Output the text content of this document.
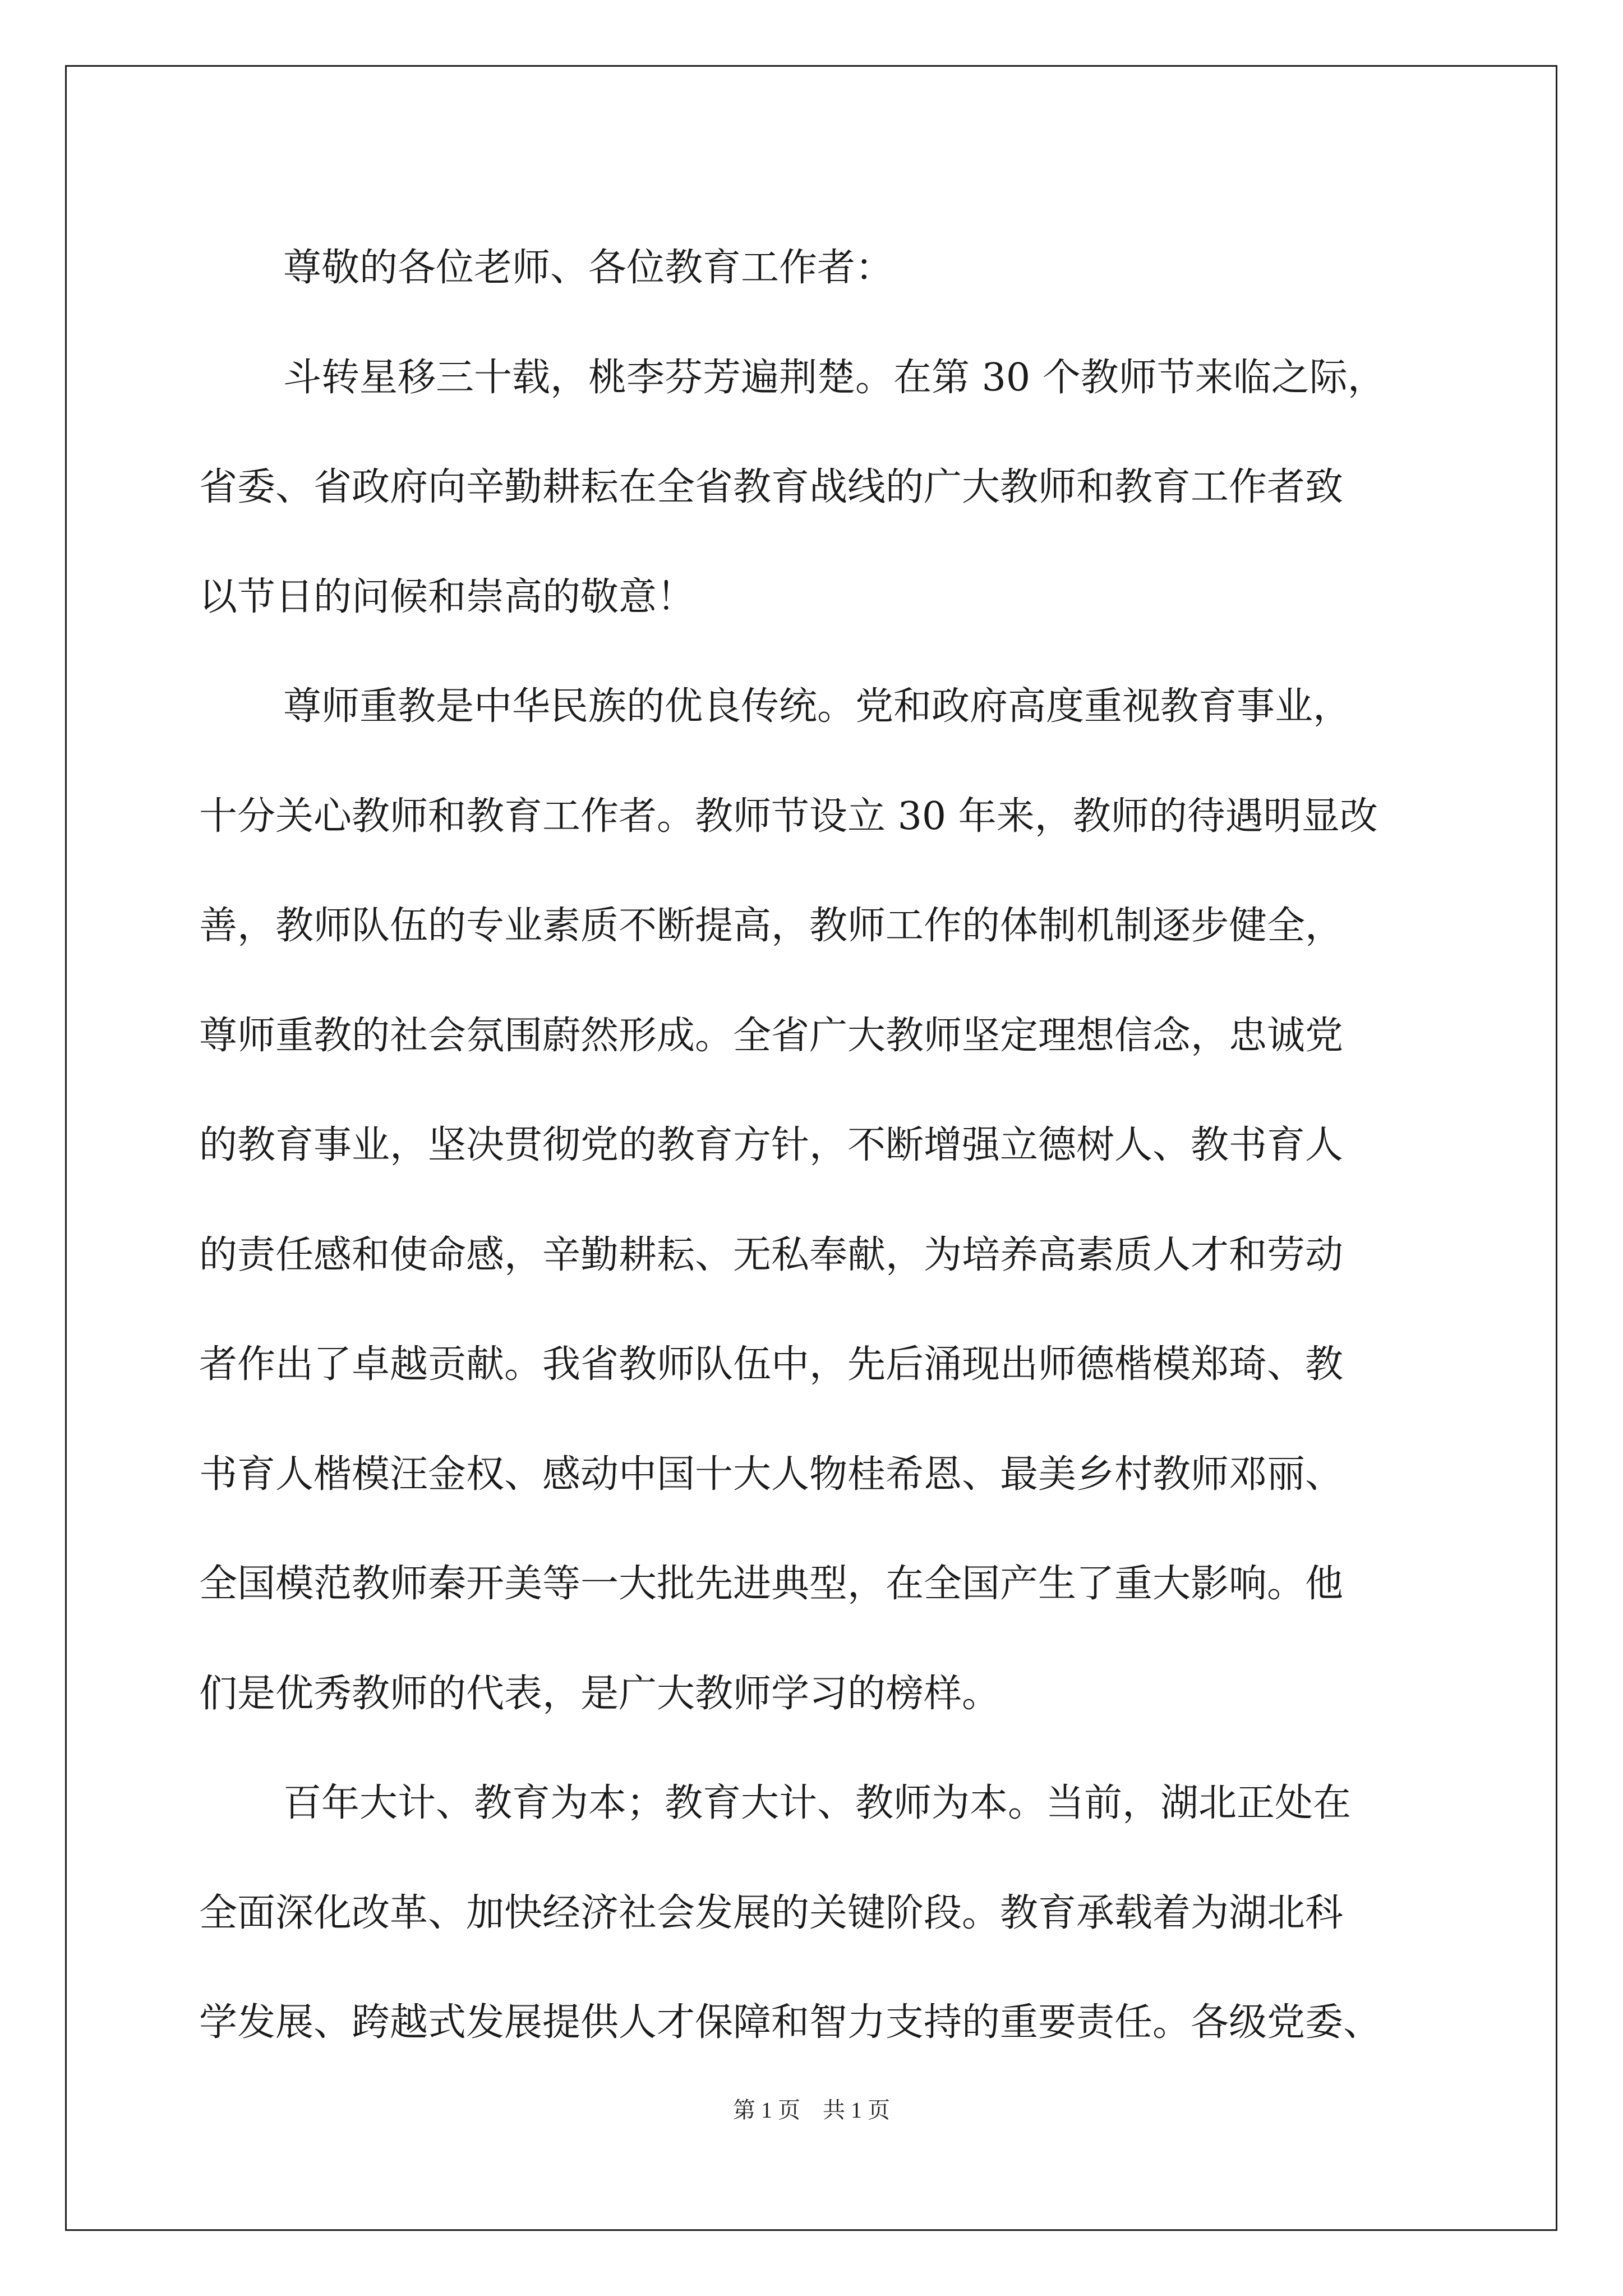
尊敬的各位老师、各位教育工作者：
斗转星移三十载，桃李芬芳遍荆楚。在第 30 个教师节来临之际，
省委、省政府向辛勤耕耘在全省教育战线的广大教师和教育工作者致
以节日的问候和崇高的敬意！
尊师重教是中华民族的优良传统。党和政府高度重视教育事业，
十分关心教师和教育工作者。教师节设立 30 年来，教师的待遇明显改
善，教师队伍的专业素质不断提高，教师工作的体制机制逐步健全，
尊师重教的社会氛围蔚然形成。全省广大教师坚定理想信念，忠诚党
的教育事业，坚决贯彻党的教育方针，不断增强立德树人、教书育人
的责任感和使命感，辛勤耕耘、无私奉献，为培养高素质人才和劳动
者作出了卓越贡献。我省教师队伍中，先后涌现出师德楷模郑琦、教
书育人楷模汪金权、感动中国十大人物桂希恩、最美乡村教师邓丽、
全国模范教师秦开美等一大批先进典型，在全国产生了重大影响。他
们是优秀教师的代表，是广大教师学习的榜样。
百年大计、教育为本；教育大计、教师为本。当前，湖北正处在
全面深化改革、加快经济社会发展的关键阶段。教育承载着为湖北科
学发展、跨越式发展提供人才保障和智力支持的重要责任。各级党委、
第 1 页　共 1 页
